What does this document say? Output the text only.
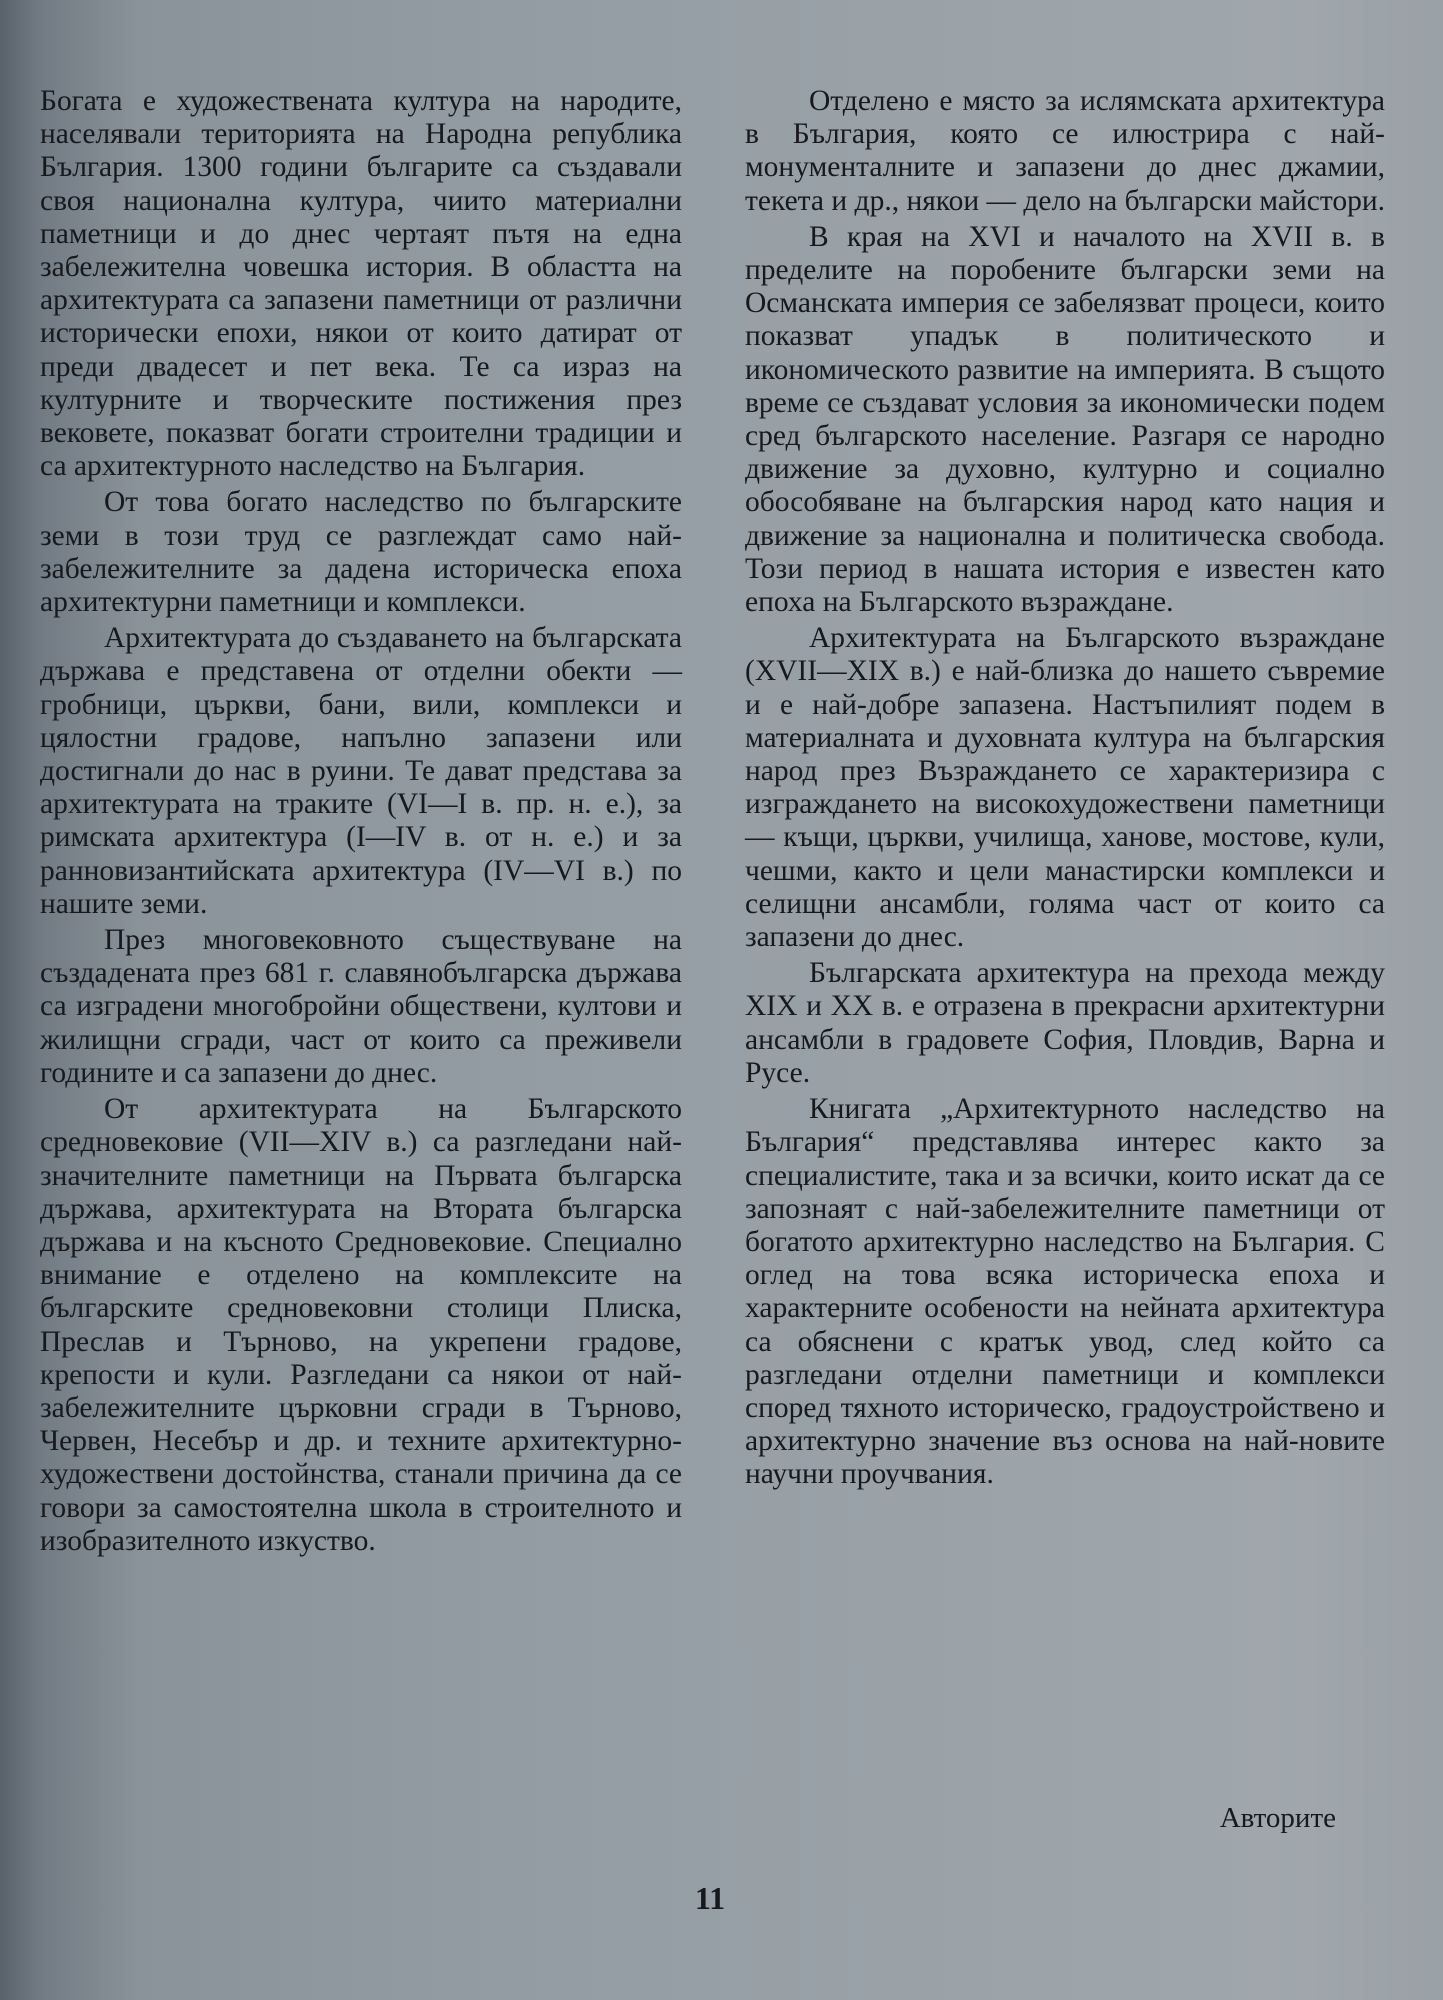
Богата е художествената култура на народите, населявали територията на Народна република България. 1300 години българите са създавали своя национална култура, чиито материални паметници и до днес чертаят пътя на една забележителна човешка история. В областта на архитектурата са запазени паметници от различни исторически епохи, някои от които датират от преди двадесет и пет века. Те са израз на културните и творческите постижения през вековете, показват богати строителни традиции и са архитектурното наследство на България.

От това богато наследство по българските земи в този труд се разглеждат само най-забележителните за дадена историческа епоха архитектурни паметници и комплекси.

Архитектурата до създаването на българската държава е представена от отделни обекти — гробници, църкви, бани, вили, комплекси и цялостни градове, напълно запазени или достигнали до нас в руини. Те дават представа за архитектурата на траките (VI—I в. пр. н. е.), за римската архитектура (I—IV в. от н. е.) и за ранновизантийската архитектура (IV—VI в.) по нашите земи.

През многовековното съществуване на създадената през 681 г. славянобългарска държава са изградени многобройни обществени, култови и жилищни сгради, част от които са преживели годините и са запазени до днес.

От архитектурата на Българското средновековие (VII—XIV в.) са разгледани най-значителните паметници на Първата българска държава, архитектурата на Втората българска държава и на късното Средновековие. Специално внимание е отделено на комплексите на българските средновековни столици Плиска, Преслав и Търново, на укрепени градове, крепости и кули. Разгледани са някои от най-забележителните църковни сгради в Търново, Червен, Несебър и др. и техните архитектурно-художествени достойнства, станали причина да се говори за самостоятелна школа в строителното и изобразителното изкуство.

Отделено е място за ислямската архитектура в България, която се илюстрира с най-монументалните и запазени до днес джамии, текета и др., някои — дело на български майстори.

В края на XVI и началото на XVII в. в пределите на поробените български земи на Османската империя се забелязват процеси, които показват упадък в политическото и икономическото развитие на империята. В същото време се създават условия за икономически подем сред българското население. Разгаря се народно движение за духовно, културно и социално обособяване на българския народ като нация и движение за национална и политическа свобода. Този период в нашата история е известен като епоха на Българското възраждане.

Архитектурата на Българското възраждане (XVII—XIX в.) е най-близка до нашето съвремие и е най-добре запазена. Настъпилият подем в материалната и духовната култура на българския народ през Възраждането се характеризира с изграждането на високохудожествени паметници — къщи, църкви, училища, ханове, мостове, кули, чешми, както и цели манастирски комплекси и селищни ансамбли, голяма част от които са запазени до днес.

Българската архитектура на прехода между XIX и XX в. е отразена в прекрасни архитектурни ансамбли в градовете София, Пловдив, Варна и Русе.

Книгата „Архитектурното наследство на България“ представлява интерес както за специалистите, така и за всички, които искат да се запознаят с най-забележителните паметници от богатото архитектурно наследство на България. С оглед на това всяка историческа епоха и характерните особености на нейната архитектура са обяснени с кратък увод, след който са разгледани отделни паметници и комплекси според тяхното историческо, градоустройствено и архитектурно значение въз основа на най-новите научни проучвания.

Авторите
11
